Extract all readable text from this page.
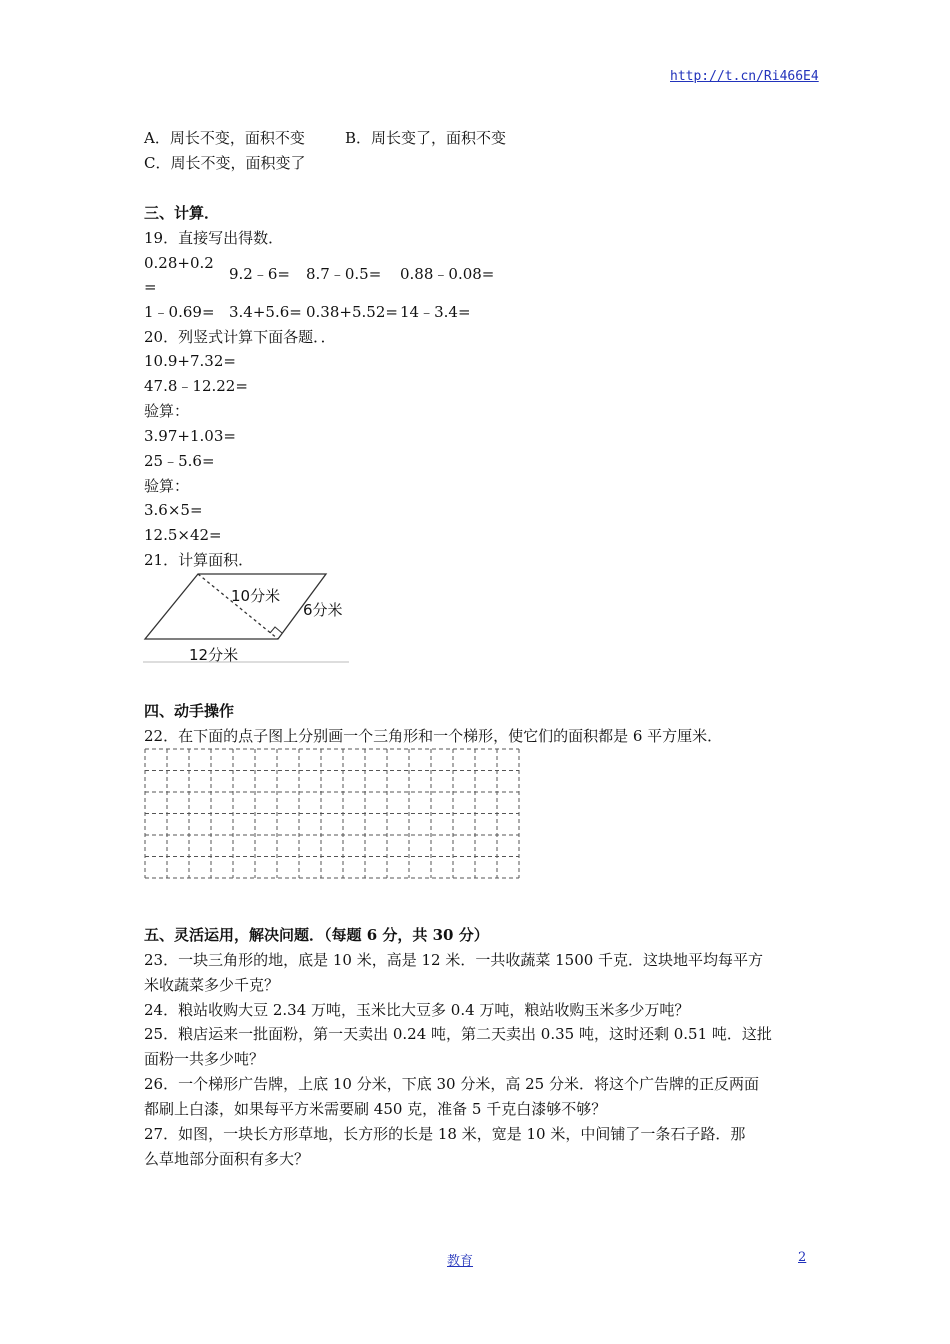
http://t.cn/Ri466E4
A．周长不变，面积不变	B．周长变了，面积不变
C．周长不变，面积变了
三、计算．
19．直接写出得数．
0.28+0.2
=
9.2﹣6= 8.7﹣0.5= 0.88﹣0.08=
1﹣0.69= 3.4+5.6= 0.38+5.52= 14﹣3.4=
20．列竖式计算下面各题．．
10.9+7.32=
47.8﹣12.22=
验算：
3.97+1.03=
25﹣5.6=
验算：
3.6×5=
12.5×42=
21．计算面积．
10分米
6分米
12分米
四、动手操作
22．在下面的点子图上分别画一个三角形和一个梯形，使它们的面积都是 6 平方厘米．
五、灵活运用，解决问题．（每题 6 分，共 30 分）
23．一块三角形的地，底是 10 米，高是 12 米．一共收蔬菜 1500 千克．这块地平均每平方
米收蔬菜多少千克？
24．粮站收购大豆 2.34 万吨，玉米比大豆多 0.4 万吨，粮站收购玉米多少万吨？
25．粮店运来一批面粉，第一天卖出 0.24 吨，第二天卖出 0.35 吨，这时还剩 0.51 吨．这批
面粉一共多少吨？
26．一个梯形广告牌，上底 10 分米，下底 30 分米，高 25 分米．将这个广告牌的正反两面
都刷上白漆，如果每平方米需要刷 450 克，准备 5 千克白漆够不够？
27．如图，一块长方形草地，长方形的长是 18 米，宽是 10 米，中间铺了一条石子路．那
么草地部分面积有多大？
教育	2
